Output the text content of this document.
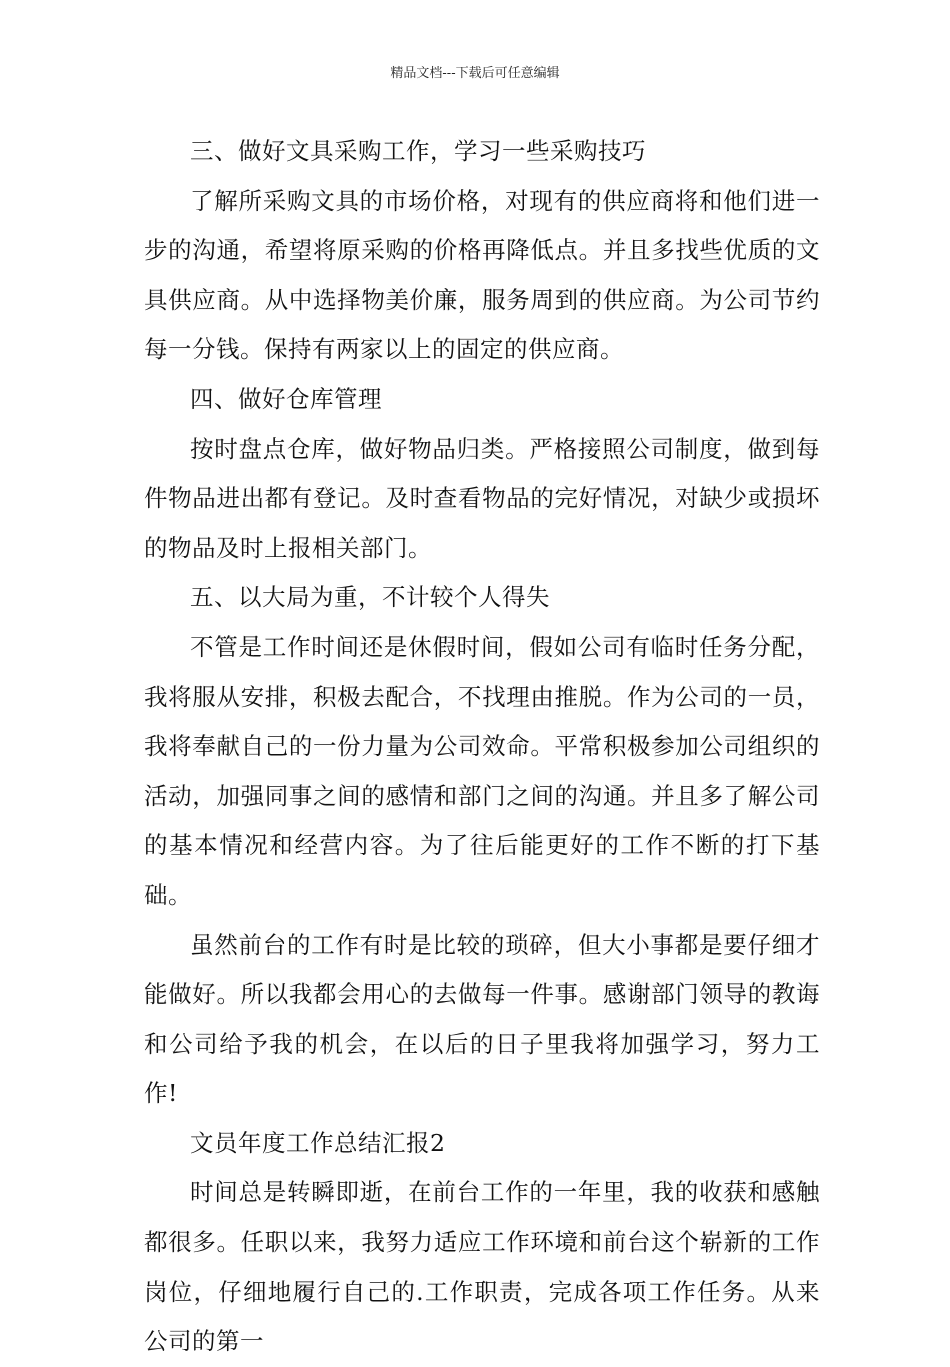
精品文档---下载后可任意编辑

三、做好文具采购工作，学习一些采购技巧

了解所采购文具的市场价格，对现有的供应商将和他们进一步的沟通，希望将原采购的价格再降低点。并且多找些优质的文具供应商。从中选择物美价廉，服务周到的供应商。为公司节约每一分钱。保持有两家以上的固定的供应商。

四、做好仓库管理

按时盘点仓库，做好物品归类。严格接照公司制度，做到每件物品进出都有登记。及时查看物品的完好情况，对缺少或损坏的物品及时上报相关部门。

五、以大局为重，不计较个人得失

不管是工作时间还是休假时间，假如公司有临时任务分配，我将服从安排，积极去配合，不找理由推脱。作为公司的一员，我将奉献自己的一份力量为公司效命。平常积极参加公司组织的活动，加强同事之间的感情和部门之间的沟通。并且多了解公司的基本情况和经营内容。为了往后能更好的工作不断的打下基础。

虽然前台的工作有时是比较的琐碎，但大小事都是要仔细才能做好。所以我都会用心的去做每一件事。感谢部门领导的教诲和公司给予我的机会，在以后的日子里我将加强学习，努力工作!

文员年度工作总结汇报2

时间总是转瞬即逝，在前台工作的一年里，我的收获和感触都很多。任职以来，我努力适应工作环境和前台这个崭新的工作岗位，仔细地履行自己的.工作职责，完成各项工作任务。从来公司的第一
